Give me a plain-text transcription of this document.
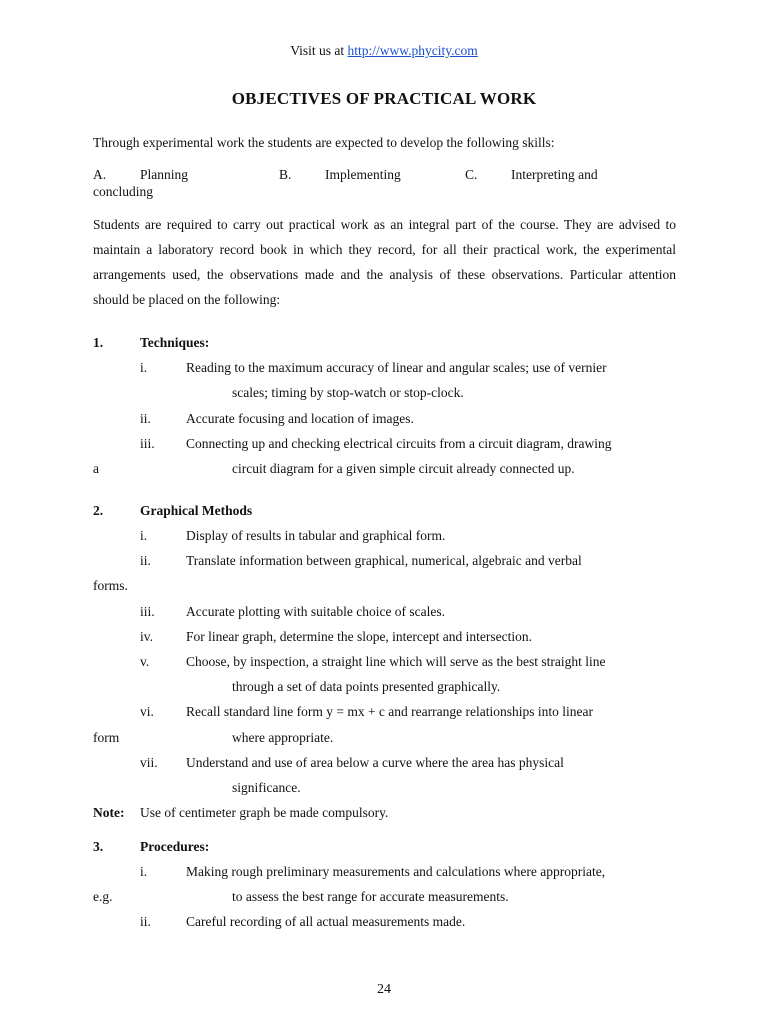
Visit us at http://www.phycity.com
OBJECTIVES OF PRACTICAL WORK
Through experimental work the students are expected to develop the following skills:
A.	Planning	B. Implementing	C. Interpreting and
concluding
Students are required to carry out practical work as an integral part of the course. They are advised to maintain a laboratory record book in which they record, for all their practical work, the experimental arrangements used, the observations made and the analysis of these observations. Particular attention should be placed on the following:
1.	Techniques:
i.	Reading to the maximum accuracy of linear and angular scales; use of vernier
scales; timing by stop-watch or stop-clock.
ii.	Accurate focusing and location of images.
iii. Connecting up and checking electrical circuits from a circuit diagram, drawing
a	circuit diagram for a given simple circuit already connected up.
2.	Graphical Methods
i.	Display of results in tabular and graphical form.
ii.	Translate information between graphical, numerical, algebraic and verbal
forms.
iii. Accurate plotting with suitable choice of scales.
iv. For linear graph, determine the slope, intercept and intersection.
v.	Choose, by inspection, a straight line which will serve as the best straight line
through a set of data points presented graphically.
vi. Recall standard line form y = mx + c and rearrange relationships into linear
form	where appropriate.
vii. Understand and use of area below a curve where the area has physical
significance.
Note: Use of centimeter graph be made compulsory.
3.	Procedures:
i.	Making rough preliminary measurements and calculations where appropriate,
e.g.	to assess the best range for accurate measurements.
ii.	Careful recording of all actual measurements made.
24
